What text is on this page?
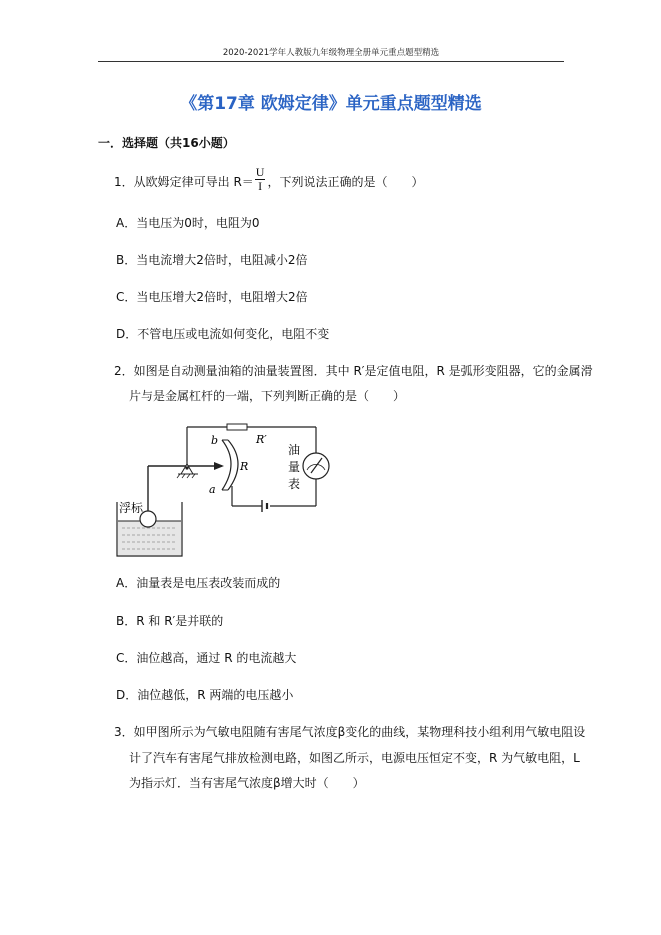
2020-2021学年人教版九年级物理全册单元重点题型精选
《第17章 欧姆定律》单元重点题型精选
一．选择题（共16小题）
1．从欧姆定律可导出 $R= \frac{U}{I}$ ，下列说法正确的是（　　）
A．当电压为0时，电阻为0
B．当电流增大2倍时，电阻减小2倍
C．当电压增大2倍时，电阻增大2倍
D．不管电压或电流如何变化，电阻不变
2．如图是自动测量油箱的油量装置图．其中 R′是定值电阻，R 是弧形变阻器，它的金属滑
片与是金属杠杆的一端，下列判断正确的是（　　）
油
量
表
b
a
R
R′
浮标
A．油量表是电压表改装而成的
B．R 和 R′是并联的
C．油位越高，通过 R 的电流越大
D．油位越低，R 两端的电压越小
3．如甲图所示为气敏电阻随有害尾气浓度β变化的曲线，某物理科技小组利用气敏电阻设
计了汽车有害尾气排放检测电路，如图乙所示，电源电压恒定不变，R 为气敏电阻，L
为指示灯．当有害尾气浓度β增大时（　　）
